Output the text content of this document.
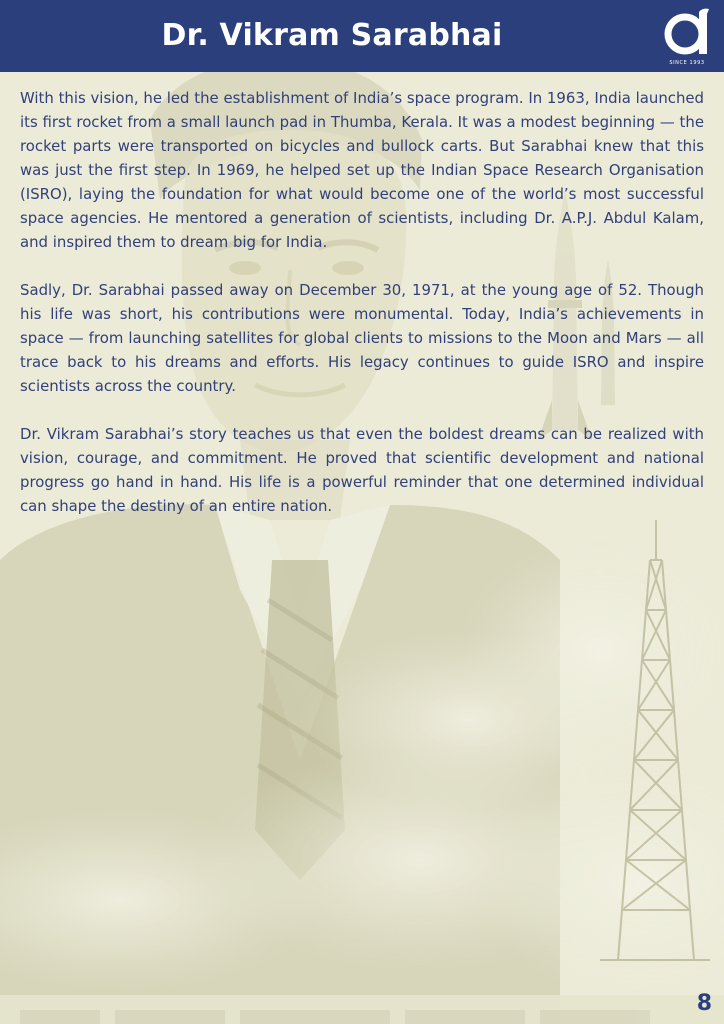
Dr. Vikram Sarabhai
SINCE 1993

With this vision, he led the establishment of India’s space program. In 1963, India launched its first rocket from a small launch pad in Thumba, Kerala. It was a modest beginning — the rocket parts were transported on bicycles and bullock carts. But Sarabhai knew that this was just the first step. In 1969, he helped set up the Indian Space Research Organisation (ISRO), laying the foundation for what would become one of the world’s most successful space agencies. He mentored a generation of scientists, including Dr. A.P.J. Abdul Kalam, and inspired them to dream big for India.

Sadly, Dr. Sarabhai passed away on December 30, 1971, at the young age of 52. Though his life was short, his contributions were monumental. Today, India’s achievements in space — from launching satellites for global clients to missions to the Moon and Mars — all trace back to his dreams and efforts. His legacy continues to guide ISRO and inspire scientists across the country.

Dr. Vikram Sarabhai’s story teaches us that even the boldest dreams can be realized with vision, courage, and commitment. He proved that scientific development and national progress go hand in hand. His life is a powerful reminder that one determined individual can shape the destiny of an entire nation.

8
